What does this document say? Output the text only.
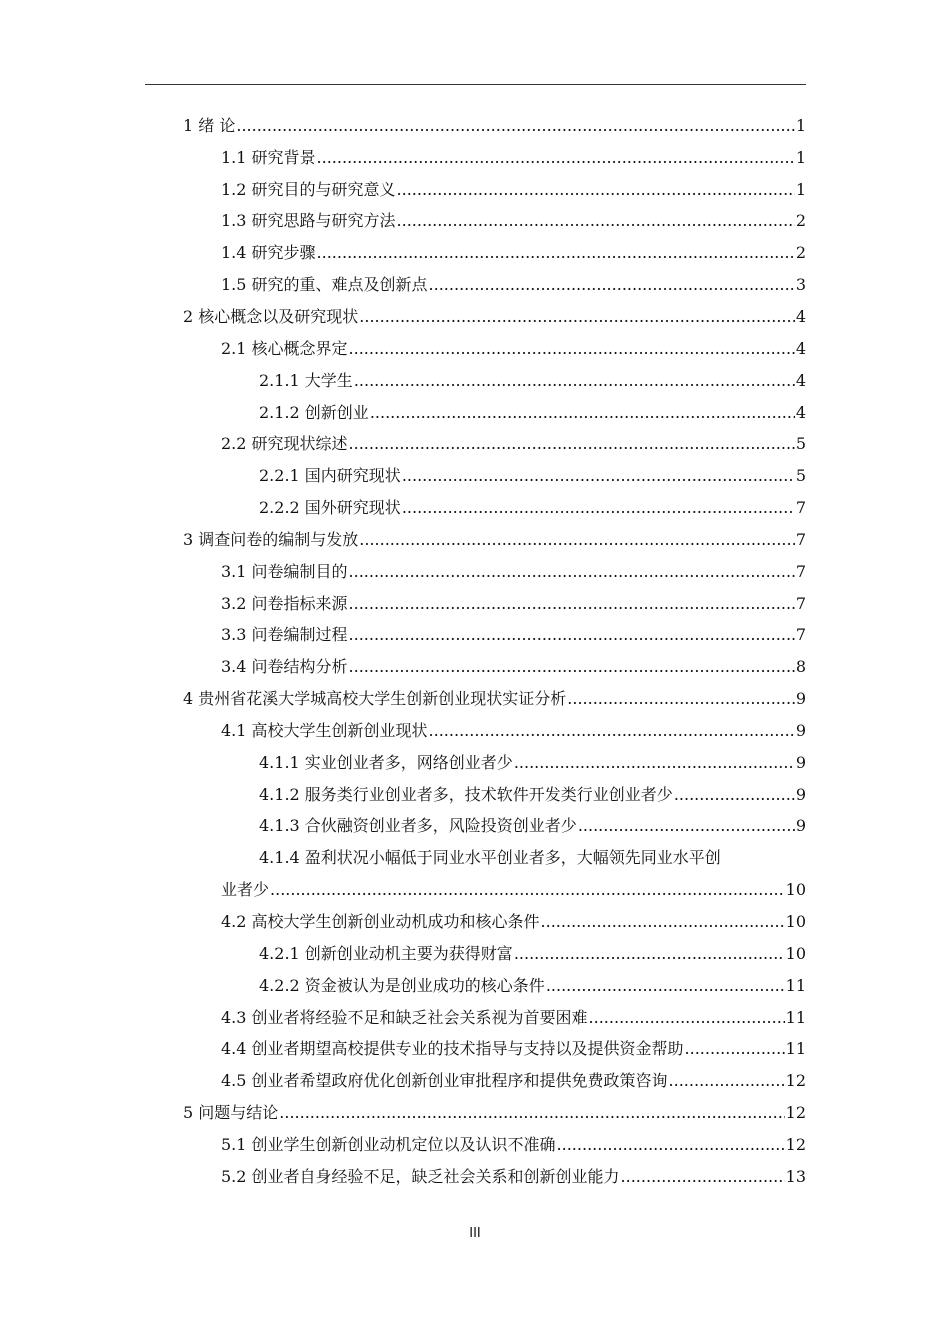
1 绪 论 .....	1
1.1 研究背景 .....	1
1.2 研究目的与研究意义 .....	1
1.3 研究思路与研究方法 .....	2
1.4 研究步骤 .....	2
1.5 研究的重、难点及创新点 .....	3
2 核心概念以及研究现状 .....	4
2.1 核心概念界定 .....	4
2.1.1 大学生 .....	4
2.1.2 创新创业 .....	4
2.2 研究现状综述 .....	5
2.2.1 国内研究现状 .....	5
2.2.2 国外研究现状 .....	7
3 调查问卷的编制与发放 .....	7
3.1 问卷编制目的 .....	7
3.2 问卷指标来源 .....	7
3.3 问卷编制过程 .....	7
3.4 问卷结构分析 .....	8
4 贵州省花溪大学城高校大学生创新创业现状实证分析 .....	9
4.1 高校大学生创新创业现状 .....	9
4.1.1 实业创业者多，网络创业者少 .....	9
4.1.2 服务类行业创业者多，技术软件开发类行业创业者少 .....	9
4.1.3 合伙融资创业者多，风险投资创业者少 .....	9
4.1.4 盈利状况小幅低于同业水平创业者多，大幅领先同业水平创
业者少 .....	10
4.2 高校大学生创新创业动机成功和核心条件 .....	10
4.2.1 创新创业动机主要为获得财富 .....	10
4.2.2 资金被认为是创业成功的核心条件 .....	11
4.3 创业者将经验不足和缺乏社会关系视为首要困难 .....	11
4.4 创业者期望高校提供专业的技术指导与支持以及提供资金帮助 .....	11
4.5 创业者希望政府优化创新创业审批程序和提供免费政策咨询 .....	12
5 问题与结论 .....	12
5.1 创业学生创新创业动机定位以及认识不准确 .....	12
5.2 创业者自身经验不足，缺乏社会关系和创新创业能力 .....	13
III
